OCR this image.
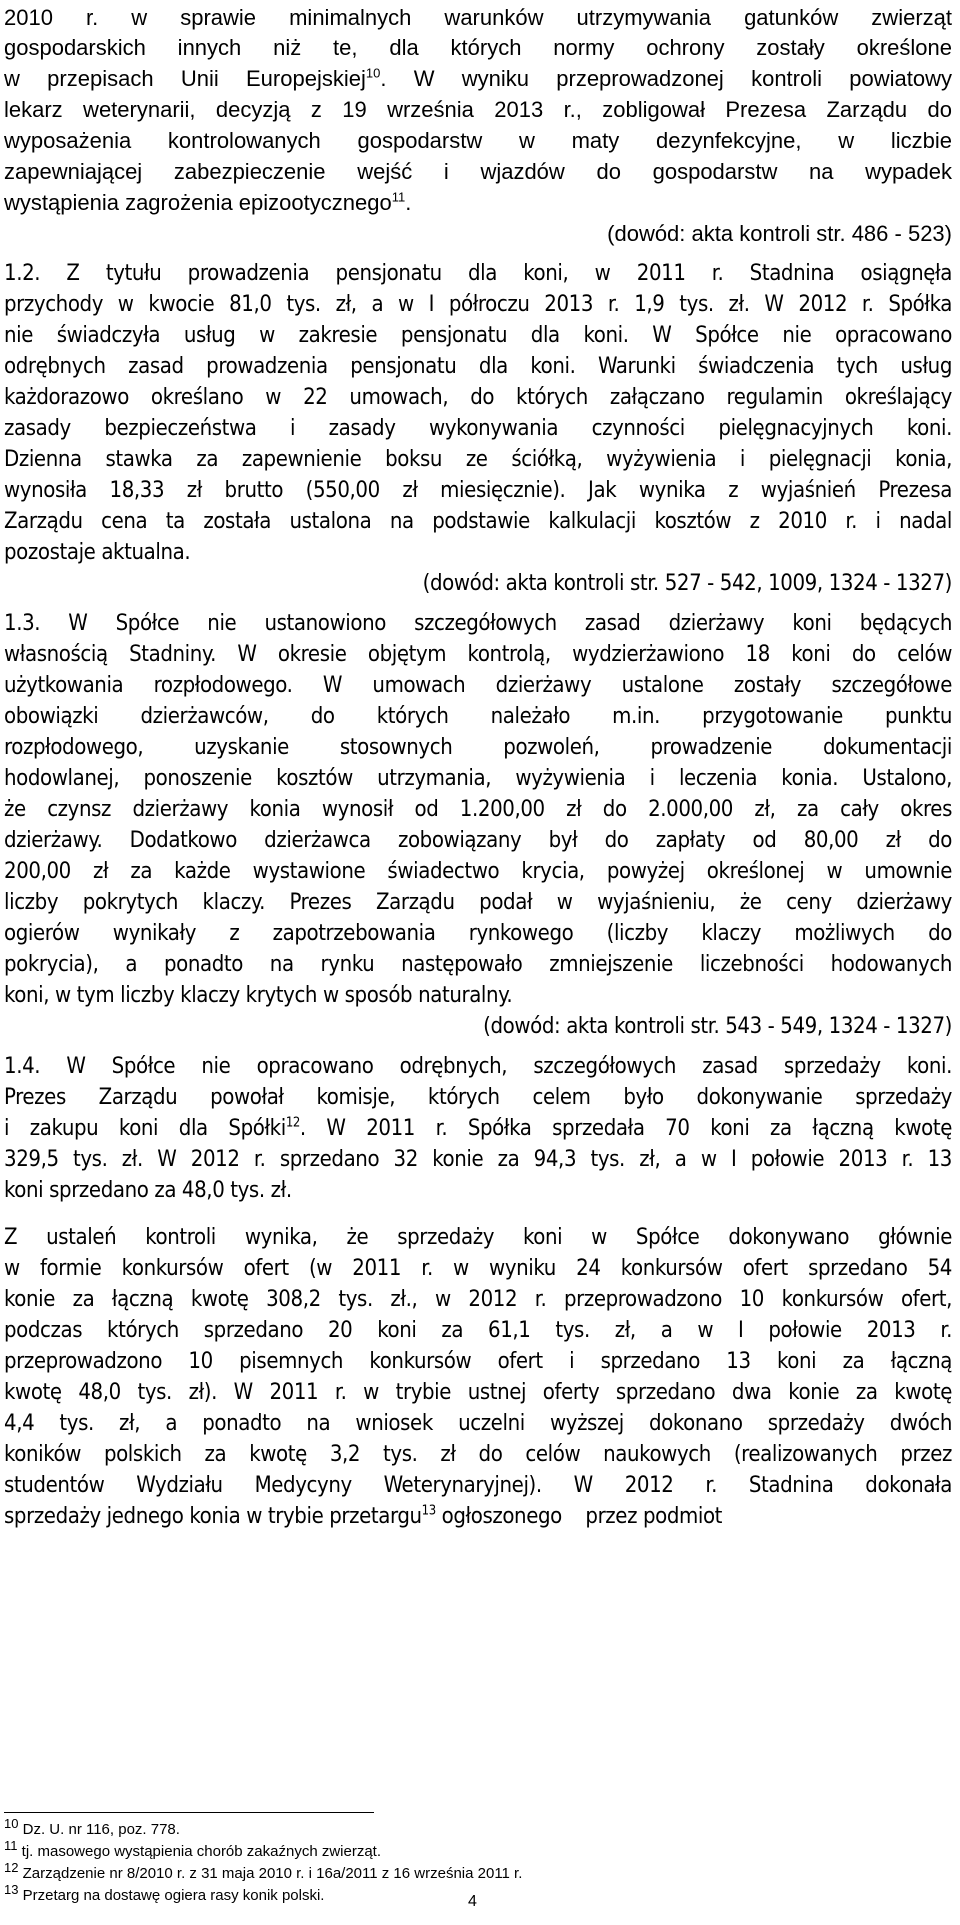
2010 r. w sprawie minimalnych warunków utrzymywania gatunków zwierząt
gospodarskich innych niż te, dla których normy ochrony zostały określone
w przepisach Unii Europejskiej$^{10}$. W wyniku przeprowadzonej kontroli powiatowy
lekarz weterynarii, decyzją z 19 września 2013 r., zobligował Prezesa Zarządu do
wyposażenia kontrolowanych gospodarstw w maty dezynfekcyjne, w liczbie
zapewniającej zabezpieczenie wejść i wjazdów do gospodarstw na wypadek
wystąpienia zagrożenia epizootycznego$^{11}$.
(dowód: akta kontroli str. 486 - 523)
1.2. Z tytułu prowadzenia pensjonatu dla koni, w 2011 r. Stadnina osiągnęła
przychody w kwocie 81,0 tys. zł, a w I półroczu 2013 r. 1,9 tys. zł. W 2012 r. Spółka
nie świadczyła usług w zakresie pensjonatu dla koni. W Spółce nie opracowano
odrębnych zasad prowadzenia pensjonatu dla koni. Warunki świadczenia tych usług
każdorazowo określano w 22 umowach, do których załączano regulamin określający
zasady bezpieczeństwa i zasady wykonywania czynności pielęgnacyjnych koni.
Dzienna stawka za zapewnienie boksu ze ściółką, wyżywienia i pielęgnacji konia,
wynosiła 18,33 zł brutto (550,00 zł miesięcznie). Jak wynika z wyjaśnień Prezesa
Zarządu cena ta została ustalona na podstawie kalkulacji kosztów z 2010 r. i nadal
pozostaje aktualna.
(dowód: akta kontroli str. 527 - 542, 1009, 1324 - 1327)
1.3. W Spółce nie ustanowiono szczegółowych zasad dzierżawy koni będących
własnością Stadniny. W okresie objętym kontrolą, wydzierżawiono 18 koni do celów
użytkowania rozpłodowego. W umowach dzierżawy ustalone zostały szczegółowe
obowiązki dzierżawców, do których należało m.in. przygotowanie punktu
rozpłodowego, uzyskanie stosownych pozwoleń, prowadzenie dokumentacji
hodowlanej, ponoszenie kosztów utrzymania, wyżywienia i leczenia konia. Ustalono,
że czynsz dzierżawy konia wynosił od 1.200,00 zł do 2.000,00 zł, za cały okres
dzierżawy. Dodatkowo dzierżawca zobowiązany był do zapłaty od 80,00 zł do
200,00 zł za każde wystawione świadectwo krycia, powyżej określonej w umownie
liczby pokrytych klaczy. Prezes Zarządu podał w wyjaśnieniu, że ceny dzierżawy
ogierów wynikały z zapotrzebowania rynkowego (liczby klaczy możliwych do
pokrycia), a ponadto na rynku następowało zmniejszenie liczebności hodowanych
koni, w tym liczby klaczy krytych w sposób naturalny.
(dowód: akta kontroli str. 543 - 549, 1324 - 1327)
1.4. W Spółce nie opracowano odrębnych, szczegółowych zasad sprzedaży koni.
Prezes Zarządu powołał komisje, których celem było dokonywanie sprzedaży
i zakupu koni dla Spółki$^{12}$. W 2011 r. Spółka sprzedała 70 koni za łączną kwotę
329,5 tys. zł. W 2012 r. sprzedano 32 konie za 94,3 tys. zł, a w I połowie 2013 r. 13
koni sprzedano za 48,0 tys. zł.
Z ustaleń kontroli wynika, że sprzedaży koni w Spółce dokonywano głównie
w formie konkursów ofert (w 2011 r. w wyniku 24 konkursów ofert sprzedano 54
konie za łączną kwotę 308,2 tys. zł., w 2012 r. przeprowadzono 10 konkursów ofert,
podczas których sprzedano 20 koni za 61,1 tys. zł, a w I połowie 2013 r.
przeprowadzono 10 pisemnych konkursów ofert i sprzedano 13 koni za łączną
kwotę 48,0 tys. zł). W 2011 r. w trybie ustnej oferty sprzedano dwa konie za kwotę
4,4 tys. zł, a ponadto na wniosek uczelni wyższej dokonano sprzedaży dwóch
koników polskich za kwotę 3,2 tys. zł do celów naukowych (realizowanych przez
studentów Wydziału Medycyny Weterynaryjnej). W 2012 r. Stadnina dokonała
sprzedaży jednego konia w trybie przetargu$^{13}$ ogłoszonego    przez podmiot
10 Dz. U. nr 116, poz. 778.
11 tj. masowego wystąpienia chorób zakaźnych zwierząt.
12 Zarządzenie nr 8/2010 r. z 31 maja 2010 r. i 16a/2011 z 16 września 2011 r.
13 Przetarg na dostawę ogiera rasy konik polski.	4
